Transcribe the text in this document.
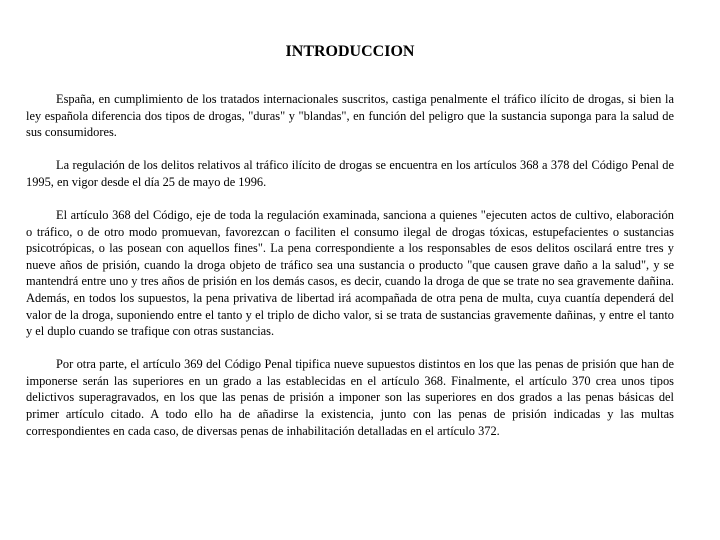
INTRODUCCION

España, en cumplimiento de los tratados internacionales suscritos, castiga penalmente el tráfico ilícito de drogas, si bien la ley española diferencia dos tipos de drogas, "duras" y "blandas", en función del peligro que la sustancia suponga para la salud de sus consumidores.

La regulación de los delitos relativos al tráfico ilícito de drogas se encuentra en los artículos 368 a 378 del Código Penal de 1995, en vigor desde el día 25 de mayo de 1996.

El artículo 368 del Código, eje de toda la regulación examinada, sanciona a quienes "ejecuten actos de cultivo, elaboración o tráfico, o de otro modo promuevan, favorezcan o faciliten el consumo ilegal de drogas tóxicas, estupefacientes o sustancias psicotrópicas, o las posean con aquellos fines". La pena correspondiente a los responsables de esos delitos oscilará entre tres y nueve años de prisión, cuando la droga objeto de tráfico sea una sustancia o producto "que causen grave daño a la salud", y se mantendrá entre uno y tres años de prisión en los demás casos, es decir, cuando la droga de que se trate no sea gravemente dañina. Además, en todos los supuestos, la pena privativa de libertad irá acompañada de otra pena de multa, cuya cuantía dependerá del valor de la droga, suponiendo entre el tanto y el triplo de dicho valor, si se trata de sustancias gravemente dañinas, y entre el tanto y el duplo cuando se trafique con otras sustancias.

Por otra parte, el artículo 369 del Código Penal tipifica nueve supuestos distintos en los que las penas de prisión que han de imponerse serán las superiores en un grado a las establecidas en el artículo 368. Finalmente, el artículo 370 crea unos tipos delictivos superagravados, en los que las penas de prisión a imponer son las superiores en dos grados a las penas básicas del primer artículo citado. A todo ello ha de añadirse la existencia, junto con las penas de prisión indicadas y las multas correspondientes en cada caso, de diversas penas de inhabilitación detalladas en el artículo 372.
